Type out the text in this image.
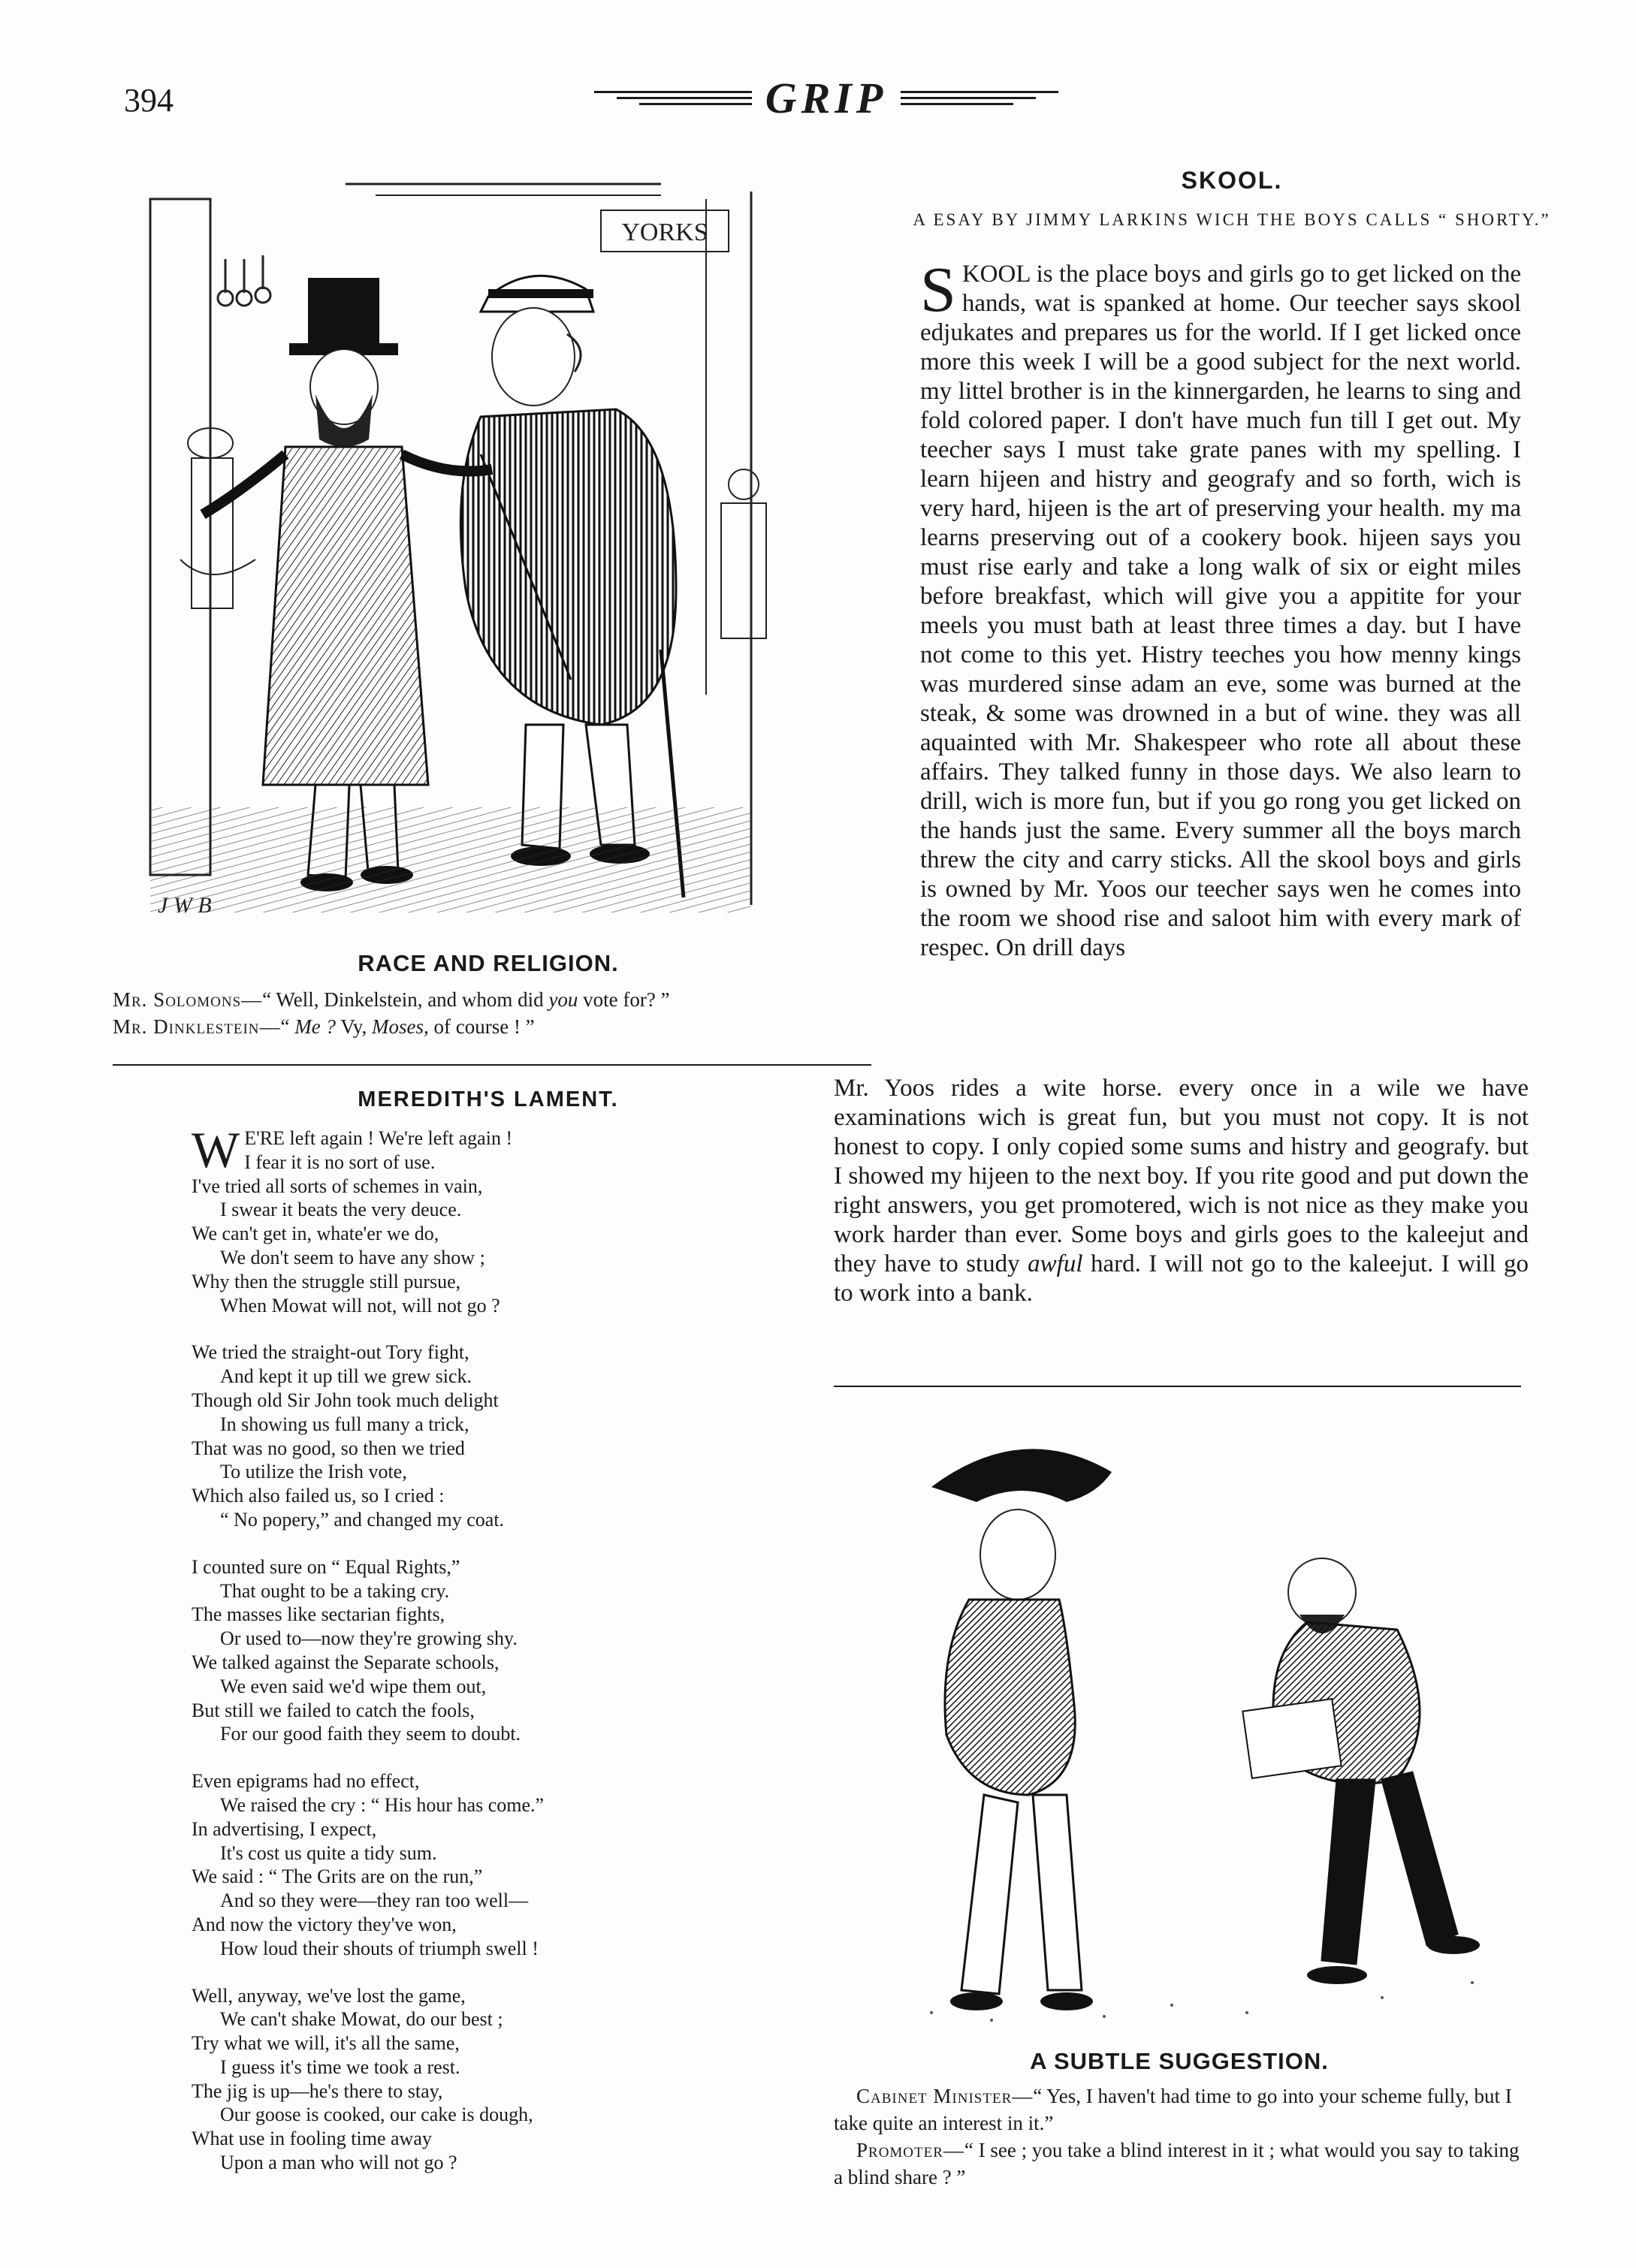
394	GRIP
YORKS
J W B
RACE AND RELIGION.
Mr. Solomons—“ Well, Dinkelstein, and whom did you vote for? ”
Mr. Dinklestein—“ Me ? Vy, Moses, of course ! ”
MEREDITH'S LAMENT.
W E'RE left again ! We're left again !
I fear it is no sort of use.
I've tried all sorts of schemes in vain,
I swear it beats the very deuce.
We can't get in, whate'er we do,
We don't seem to have any show ;
Why then the struggle still pursue,
When Mowat will not, will not go ?
We tried the straight-out Tory fight,
And kept it up till we grew sick.
Though old Sir John took much delight
In showing us full many a trick,
That was no good, so then we tried
To utilize the Irish vote,
Which also failed us, so I cried :
“ No popery,” and changed my coat.
I counted sure on “ Equal Rights,”
That ought to be a taking cry.
The masses like sectarian fights,
Or used to—now they're growing shy.
We talked against the Separate schools,
We even said we'd wipe them out,
But still we failed to catch the fools,
For our good faith they seem to doubt.
Even epigrams had no effect,
We raised the cry : “ His hour has come.”
In advertising, I expect,
It's cost us quite a tidy sum.
We said : “ The Grits are on the run,”
And so they were—they ran too well—
And now the victory they've won,
How loud their shouts of triumph swell !
Well, anyway, we've lost the game,
We can't shake Mowat, do our best ;
Try what we will, it's all the same,
I guess it's time we took a rest.
The jig is up—he's there to stay,
Our goose is cooked, our cake is dough,
What use in fooling time away
Upon a man who will not go ?
SKOOL.
A ESAY BY JIMMY LARKINS WICH THE BOYS CALLS “ SHORTY.”
SKOOL is the place boys and girls go to get licked on the hands, wat is spanked at home. Our teecher says skool edjukates and prepares us for the world. If I get licked once more this week I will be a good subject for the next world. my littel brother is in the kinnergarden, he learns to sing and fold colored paper. I don't have much fun till I get out. My teecher says I must take grate panes with my spelling. I learn hijeen and histry and geografy and so forth, wich is very hard, hijeen is the art of preserving your health. my ma learns preserving out of a cookery book. hijeen says you must rise early and take a long walk of six or eight miles before breakfast, which will give you a appitite for your meels you must bath at least three times a day. but I have not come to this yet. Histry teeches you how menny kings was murdered sinse adam an eve, some was burned at the steak, & some was drowned in a but of wine. they was all aquainted with Mr. Shakespeer who rote all about these affairs. They talked funny in those days. We also learn to drill, wich is more fun, but if you go rong you get licked on the hands just the same. Every summer all the boys march threw the city and carry sticks. All the skool boys and girls is owned by Mr. Yoos our teecher says wen he comes into the room we shood rise and saloot him with every mark of respec. On drill days
Mr. Yoos rides a wite horse. every once in a wile we have examinations wich is great fun, but you must not copy. It is not honest to copy. I only copied some sums and histry and geografy. but I showed my hijeen to the next boy. If you rite good and put down the right answers, you get promotered, wich is not nice as they make you work harder than ever. Some boys and girls goes to the kaleejut and they have to study awful hard. I will not go to the kaleejut. I will go to work into a bank.
A SUBTLE SUGGESTION.

Cabinet Minister—“ Yes, I haven't had time to go into your scheme fully, but I take quite an interest in it.”

Promoter—“ I see ; you take a blind interest in it ; what would you say to taking a blind share ? ”
